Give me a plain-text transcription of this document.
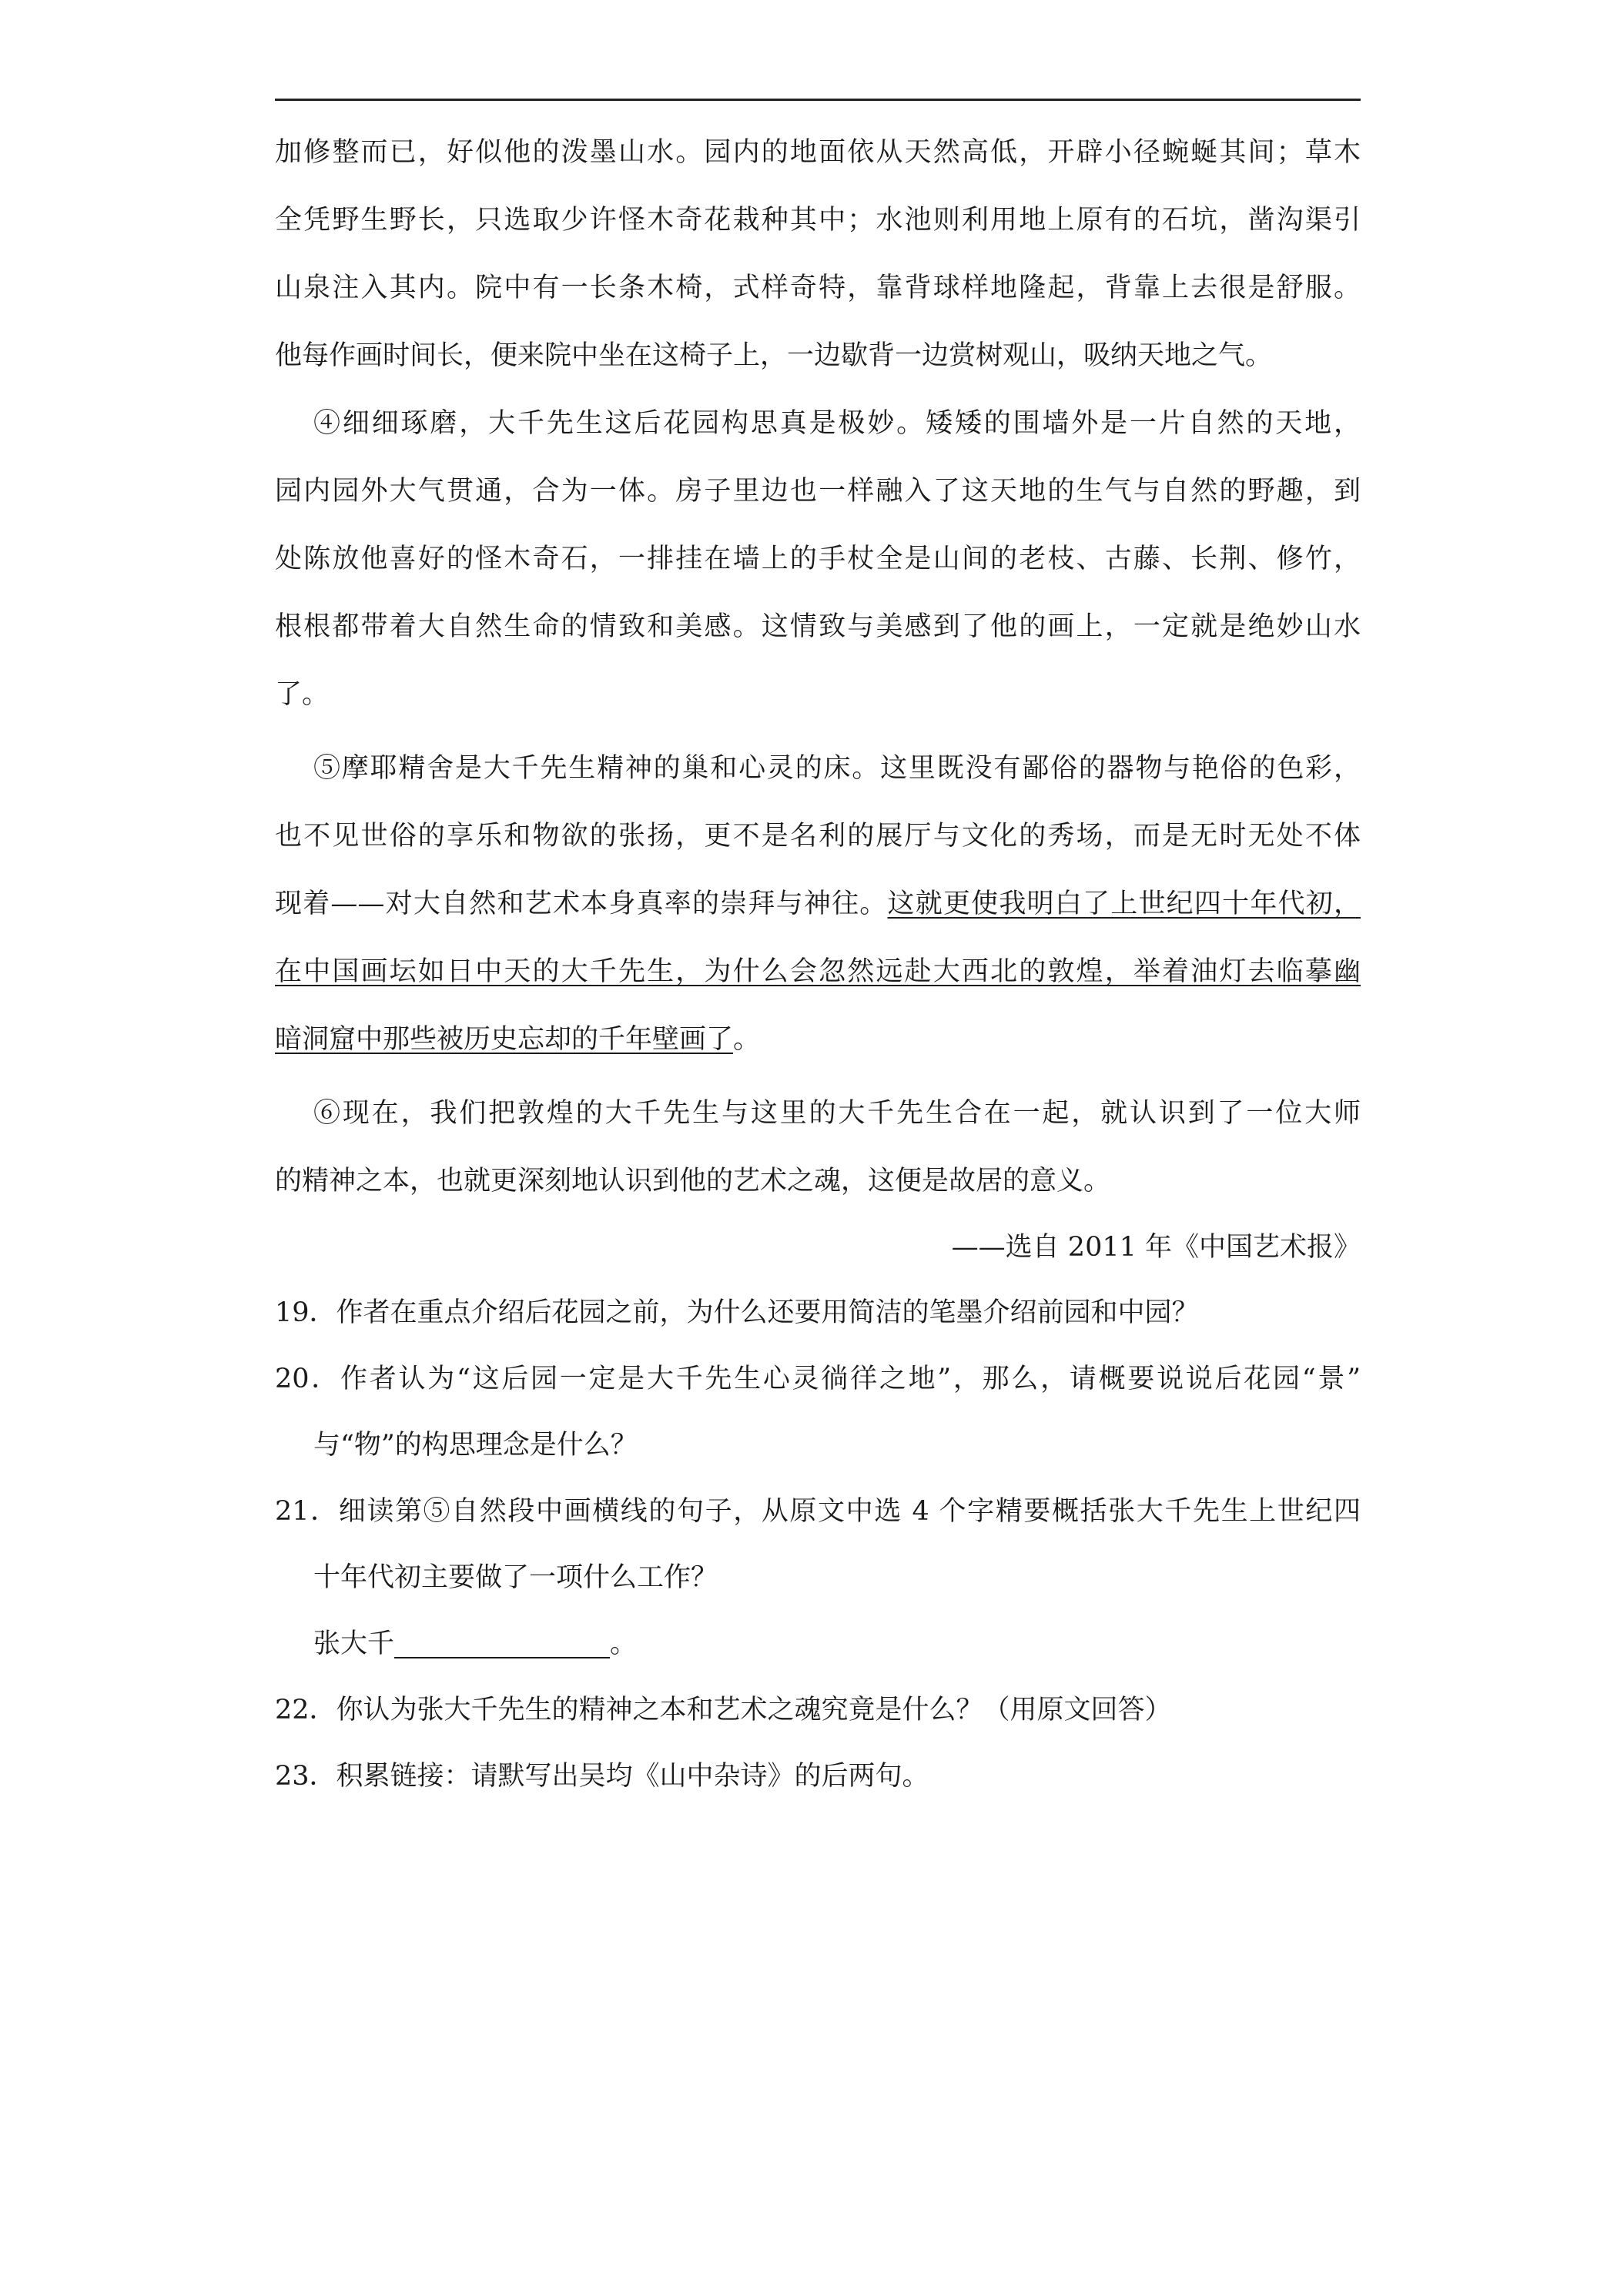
加修整而已，好似他的泼墨山水。园内的地面依从天然高低，开辟小径蜿蜒其间；草木
全凭野生野长，只选取少许怪木奇花栽种其中；水池则利用地上原有的石坑，凿沟渠引
山泉注入其内。院中有一长条木椅，式样奇特，靠背球样地隆起，背靠上去很是舒服。
他每作画时间长，便来院中坐在这椅子上，一边歇背一边赏树观山，吸纳天地之气。
④细细琢磨，大千先生这后花园构思真是极妙。矮矮的围墙外是一片自然的天地，
园内园外大气贯通，合为一体。房子里边也一样融入了这天地的生气与自然的野趣，到
处陈放他喜好的怪木奇石，一排挂在墙上的手杖全是山间的老枝、古藤、长荆、修竹，
根根都带着大自然生命的情致和美感。这情致与美感到了他的画上，一定就是绝妙山水
了。
⑤摩耶精舍是大千先生精神的巢和心灵的床。这里既没有鄙俗的器物与艳俗的色彩，
也不见世俗的享乐和物欲的张扬，更不是名利的展厅与文化的秀场，而是无时无处不体
现着——对大自然和艺术本身真率的崇拜与神往。这就更使我明白了上世纪四十年代初，
在中国画坛如日中天的大千先生，为什么会忽然远赴大西北的敦煌，举着油灯去临摹幽
暗洞窟中那些被历史忘却的千年壁画了。
⑥现在，我们把敦煌的大千先生与这里的大千先生合在一起，就认识到了一位大师
的精神之本，也就更深刻地认识到他的艺术之魂，这便是故居的意义。
——选自 2011 年《中国艺术报》
19．作者在重点介绍后花园之前，为什么还要用简洁的笔墨介绍前园和中园？
20．作者认为“这后园一定是大千先生心灵徜徉之地”，那么，请概要说说后花园“景”
与“物”的构思理念是什么？
21．细读第⑤自然段中画横线的句子，从原文中选 4 个字精要概括张大千先生上世纪四
十年代初主要做了一项什么工作？
张大千	。
22．你认为张大千先生的精神之本和艺术之魂究竟是什么？（用原文回答）
23．积累链接：请默写出吴均《山中杂诗》的后两句。
